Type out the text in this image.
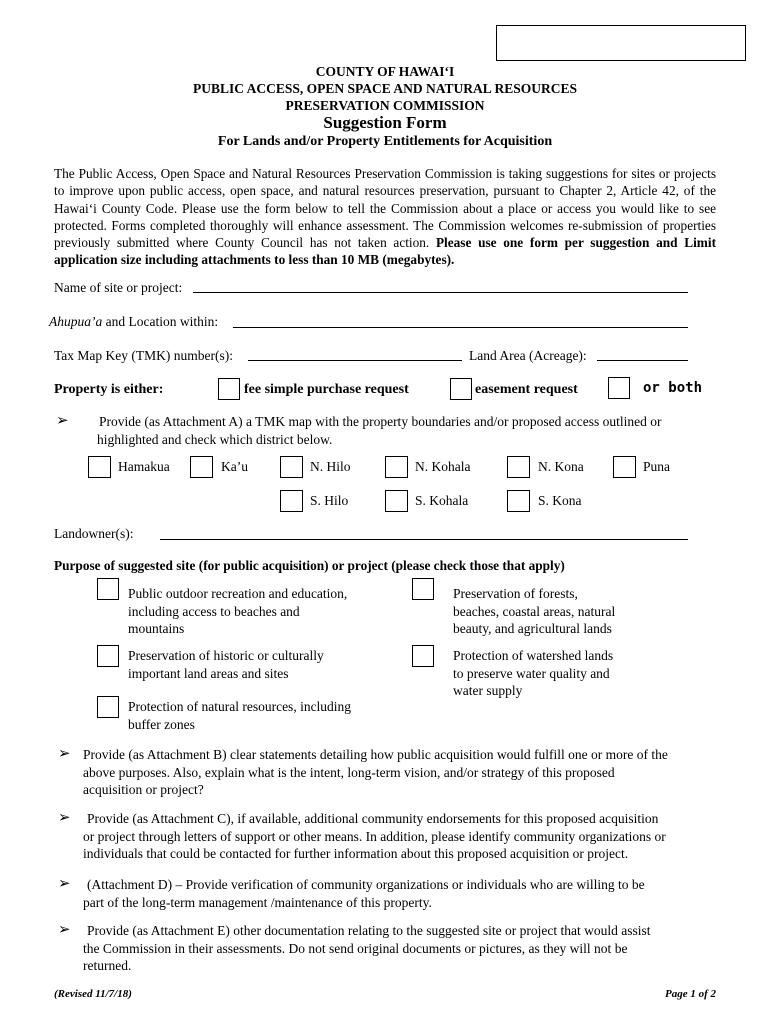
COUNTY OF HAWAI‘I
PUBLIC ACCESS, OPEN SPACE AND NATURAL RESOURCES
PRESERVATION COMMISSION
Suggestion Form
For Lands and/or Property Entitlements for Acquisition
The Public Access, Open Space and Natural Resources Preservation Commission is taking suggestions for sites or projects to improve upon public access, open space, and natural resources preservation, pursuant to Chapter 2, Article 42, of the Hawai‘i County Code. Please use the form below to tell the Commission about a place or access you would like to see protected. Forms completed thoroughly will enhance assessment. The Commission welcomes re-submission of properties previously submitted where County Council has not taken action. Please use one form per suggestion and Limit application size including attachments to less than 10 MB (megabytes).
Name of site or project:
Ahupua’a and Location within:
Tax Map Key (TMK) number(s):	Land Area (Acreage):
Property is either:	fee simple purchase request	easement request	or both
➢ Provide (as Attachment A) a TMK map with the property boundaries and/or proposed access outlined or highlighted and check which district below.
Hamakua	Ka’u	N. Hilo	N. Kohala	N. Kona	Puna
S. Hilo	S. Kohala	S. Kona
Landowner(s):
Purpose of suggested site (for public acquisition) or project (please check those that apply)
Public outdoor recreation and education,
including access to beaches and
mountains
Preservation of forests,
beaches, coastal areas, natural
beauty, and agricultural lands
Preservation of historic or culturally
important land areas and sites
Protection of watershed lands
to preserve water quality and
water supply
Protection of natural resources, including
buffer zones
➢ Provide (as Attachment B) clear statements detailing how public acquisition would fulfill one or more of the
above purposes. Also, explain what is the intent, long-term vision, and/or strategy of this proposed
acquisition or project?
➢ Provide (as Attachment C), if available, additional community endorsements for this proposed acquisition
or project through letters of support or other means. In addition, please identify community organizations or
individuals that could be contacted for further information about this proposed acquisition or project.
➢ (Attachment D) – Provide verification of community organizations or individuals who are willing to be
part of the long-term management /maintenance of this property.
➢ Provide (as Attachment E) other documentation relating to the suggested site or project that would assist
the Commission in their assessments. Do not send original documents or pictures, as they will not be
returned.
(Revised 11/7/18)	Page 1 of 2
